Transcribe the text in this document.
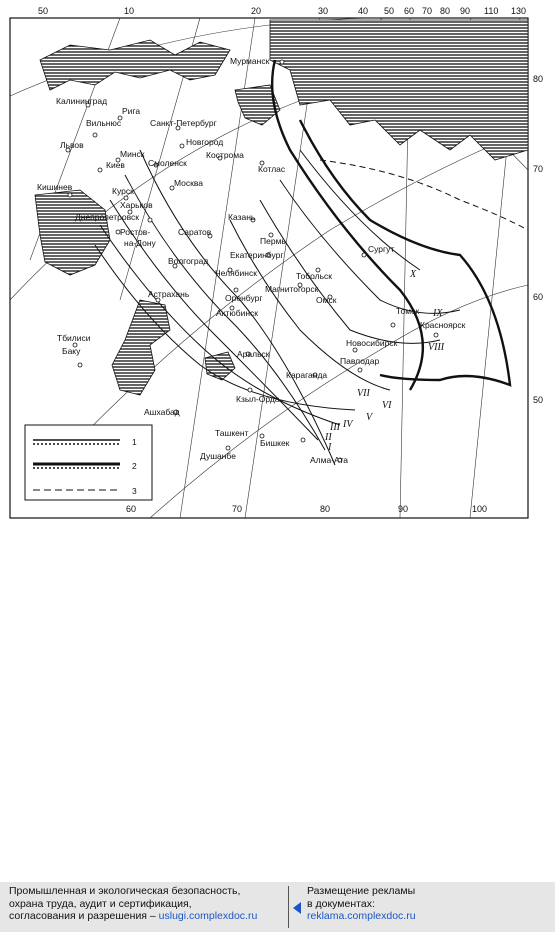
Мурманск
Калининград
Рига
Санкт-Петербург
Вильнюс
Новгород
Львов
Минск
Смоленск
Киев
Кострома
Котлас
Москва
Кишинев	Курск
Харьков
Днепропетровск
Ростов-
на-Дону
Саратов
Казань
Пермь
Екатеринбург
Волгоград
Челябинск	Тобольск
Сургут
Астрахань	Оренбург
Магнитогорск
Омск
Актюбинск	Томск
Красноярск
Тбилиси
Баку	Аральск
Новосибирск
Павлодар
Караганда
Кзыл-Орда
Ашхабад
Ташкент
Бишкек
Душанбе	Алма-Ата
I
II
III IV
V
VI
VII
VIII
IX
X
50	10	20	30	40 50 60 70 80 90 110 130
60	70	80	90	100
80
70
60
50
1
2
3
Промышленная и экологическая безопасность,
охрана труда, аудит и сертификация,
согласования и разрешения – uslugi.complexdoc.ru
Размещение рекламы
в документах:
reklama.complexdoc.ru
